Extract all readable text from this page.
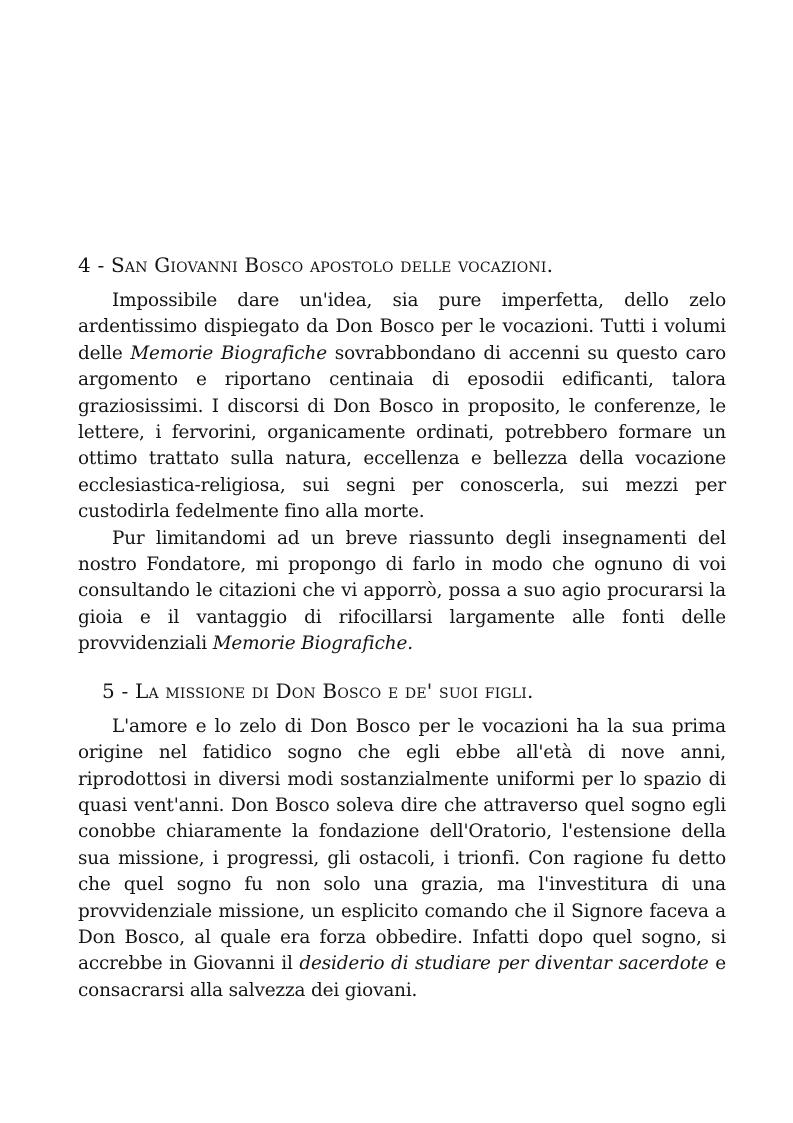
4 - San Giovanni Bosco apostolo delle vocazioni.

Impossibile dare un'idea, sia pure imperfetta, dello zelo ardentissimo dispiegato da Don Bosco per le vocazioni. Tutti i volumi delle Memorie Biografiche sovrabbondano di accenni su questo caro argomento e riportano centinaia di eposodii edificanti, talora graziosissimi. I discorsi di Don Bosco in proposito, le conferenze, le lettere, i fervorini, organicamente ordinati, potrebbero formare un ottimo trattato sulla natura, eccellenza e bellezza della vocazione ecclesiastica-religiosa, sui segni per conoscerla, sui mezzi per custodirla fedelmente fino alla morte.

Pur limitandomi ad un breve riassunto degli insegnamenti del nostro Fondatore, mi propongo di farlo in modo che ognuno di voi consultando le citazioni che vi apporrò, possa a suo agio procurarsi la gioia e il vantaggio di rifocillarsi largamente alle fonti delle provvidenziali Memorie Biografiche.

5 - La missione di Don Bosco e de' suoi figli.

L'amore e lo zelo di Don Bosco per le vocazioni ha la sua prima origine nel fatidico sogno che egli ebbe all'età di nove anni, riprodottosi in diversi modi sostanzialmente uniformi per lo spazio di quasi vent'anni. Don Bosco soleva dire che attraverso quel sogno egli conobbe chiaramente la fondazione dell'Oratorio, l'estensione della sua missione, i progressi, gli ostacoli, i trionfi. Con ragione fu detto che quel sogno fu non solo una grazia, ma l'investitura di una provvidenziale missione, un esplicito comando che il Signore faceva a Don Bosco, al quale era forza obbedire. Infatti dopo quel sogno, si accrebbe in Giovanni il desiderio di studiare per diventar sacerdote e consacrarsi alla salvezza dei giovani.
